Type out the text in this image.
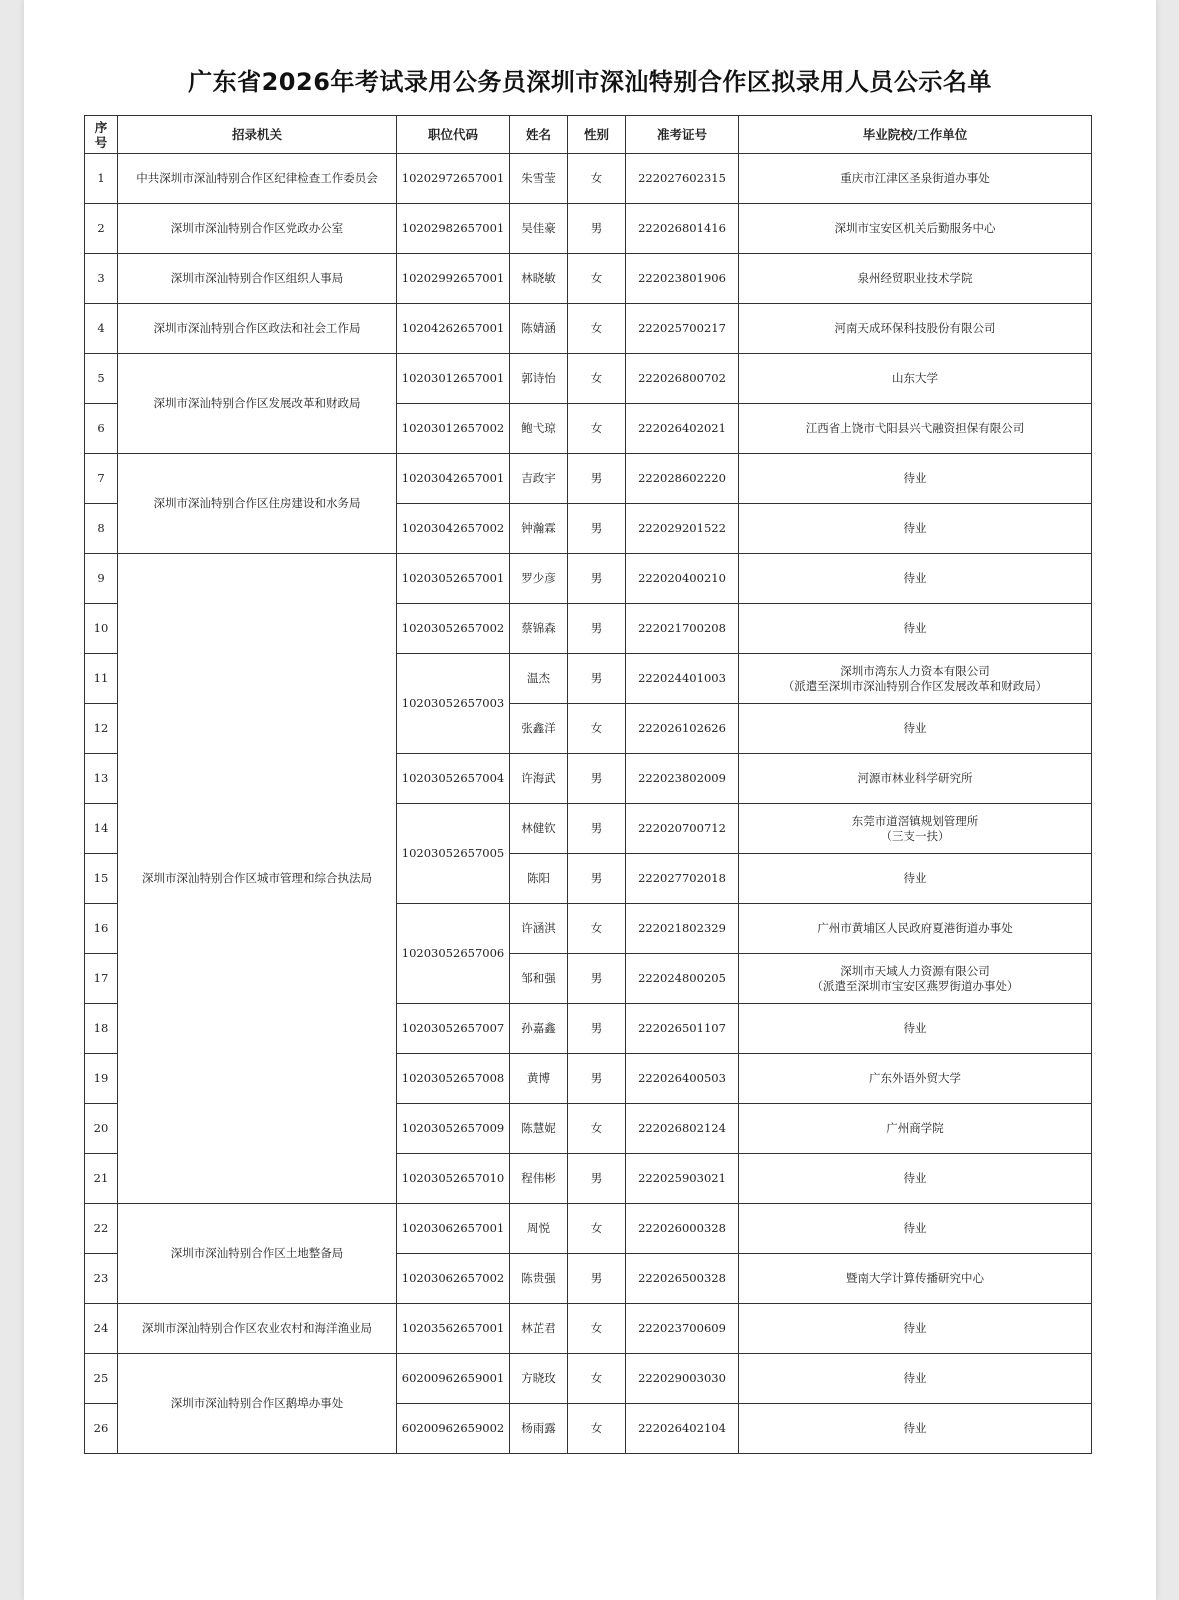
广东省2026年考试录用公务员深圳市深汕特别合作区拟录用人员公示名单
序号	招录机关	职位代码	姓名	性别	准考证号	毕业院校/工作单位
1	中共深圳市深汕特别合作区纪律检查工作委员会	10202972657001	朱雪莹	女	222027602315	重庆市江津区圣泉街道办事处
2	深圳市深汕特别合作区党政办公室	10202982657001	吴佳豪	男	222026801416	深圳市宝安区机关后勤服务中心
3	深圳市深汕特别合作区组织人事局	10202992657001	林晓敏	女	222023801906	泉州经贸职业技术学院
4	深圳市深汕特别合作区政法和社会工作局	10204262657001	陈婧涵	女	222025700217	河南天成环保科技股份有限公司
5	深圳市深汕特别合作区发展改革和财政局	10203012657001	郭诗怡	女	222026800702	山东大学
6		10203012657002	鲍弋琼	女	222026402021	江西省上饶市弋阳县兴弋融资担保有限公司
7	深圳市深汕特别合作区住房建设和水务局	10203042657001	吉政宇	男	222028602220	待业
8		10203042657002	钟瀚霖	男	222029201522	待业
9	深圳市深汕特别合作区城市管理和综合执法局	10203052657001	罗少彦	男	222020400210	待业
10		10203052657002	蔡锦森	男	222021700208	待业
11		10203052657003	温杰	男	222024401003	深圳市湾东人力资本有限公司
（派遣至深圳市深汕特别合作区发展改革和财政局）
12			张鑫洋	女	222026102626	待业
13		10203052657004	许海武	男	222023802009	河源市林业科学研究所
14		10203052657005	林健钦	男	222020700712	东莞市道滘镇规划管理所
（三支一扶）
15			陈阳	男	222027702018	待业
16		10203052657006	许涵淇	女	222021802329	广州市黄埔区人民政府夏港街道办事处
17			邹和强	男	222024800205	深圳市天域人力资源有限公司
（派遣至深圳市宝安区燕罗街道办事处）
18		10203052657007	孙嘉鑫	男	222026501107	待业
19		10203052657008	黄博	男	222026400503	广东外语外贸大学
20		10203052657009	陈慧妮	女	222026802124	广州商学院
21		10203052657010	程伟彬	男	222025903021	待业
22	深圳市深汕特别合作区土地整备局	10203062657001	周悦	女	222026000328	待业
23		10203062657002	陈贵强	男	222026500328	暨南大学计算传播研究中心
24	深圳市深汕特别合作区农业农村和海洋渔业局	10203562657001	林芷君	女	222023700609	待业
25	深圳市深汕特别合作区鹅埠办事处	60200962659001	方晓玫	女	222029003030	待业
26		60200962659002	杨雨露	女	222026402104	待业
